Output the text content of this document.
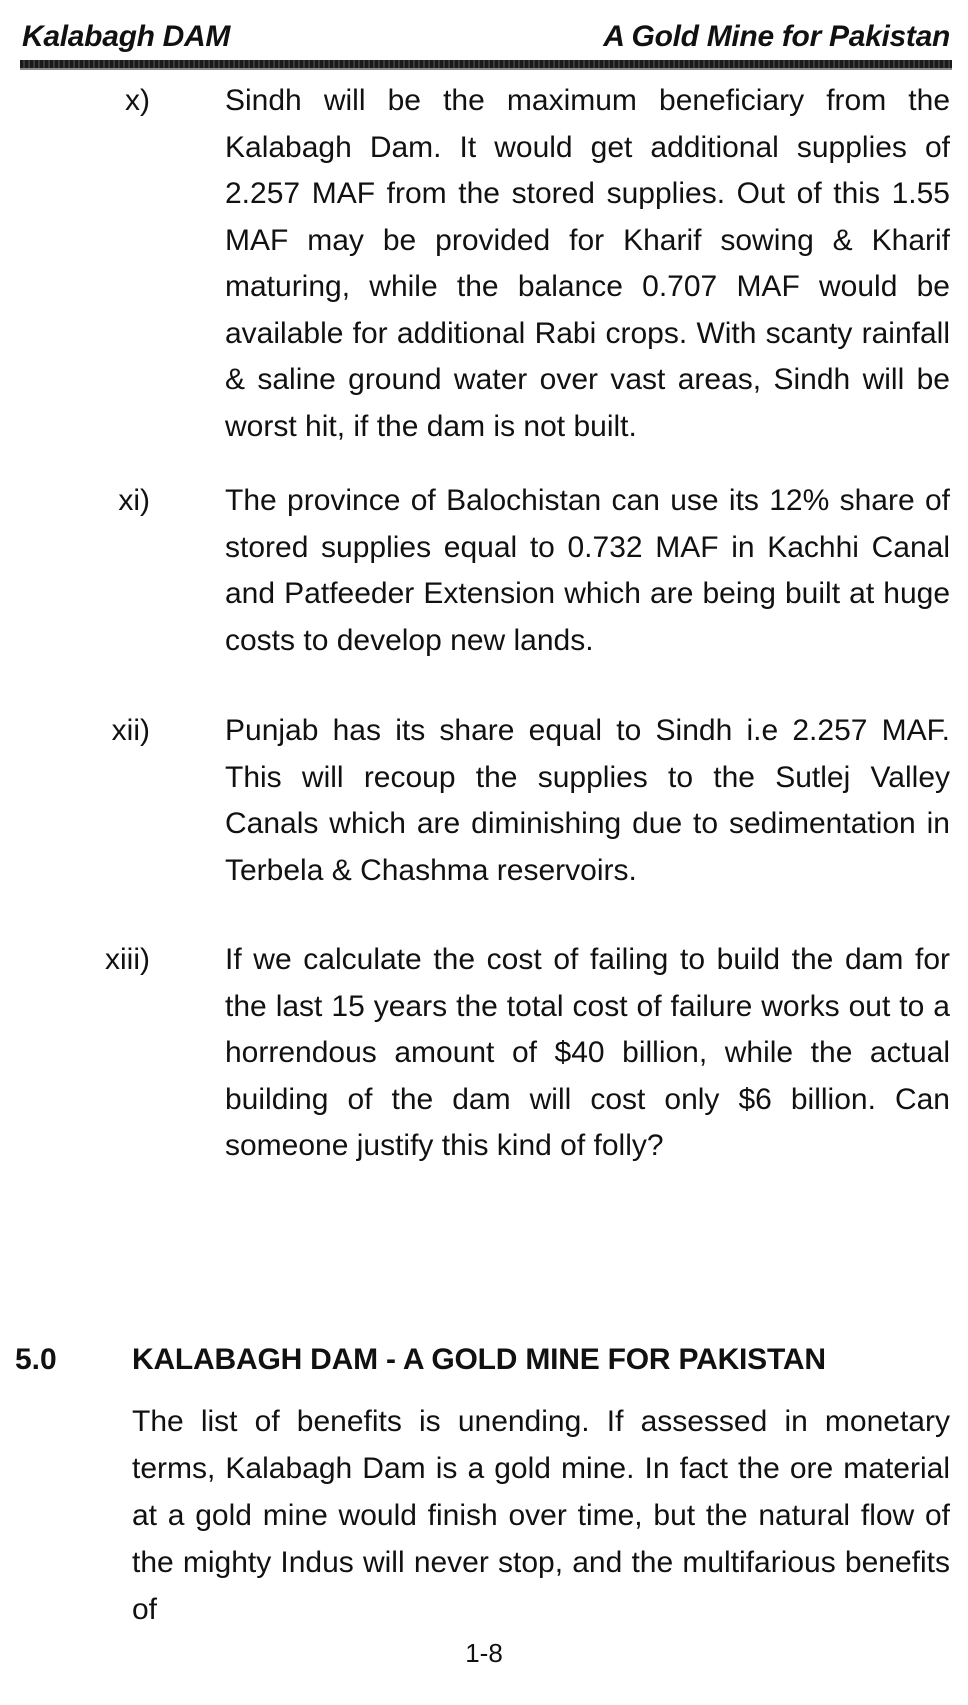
Kalabagh DAM	A Gold Mine for Pakistan
x)	Sindh will be the maximum beneficiary from the Kalabagh Dam. It would get additional supplies of 2.257 MAF from the stored supplies. Out of this 1.55 MAF may be provided for Kharif sowing & Kharif maturing, while the balance 0.707 MAF would be available for additional Rabi crops. With scanty rainfall & saline ground water over vast areas, Sindh will be worst hit, if the dam is not built.
xi)	The province of Balochistan can use its 12% share of stored supplies equal to 0.732 MAF in Kachhi Canal and Patfeeder Extension which are being built at huge costs to develop new lands.
xii)	Punjab has its share equal to Sindh i.e 2.257 MAF. This will recoup the supplies to the Sutlej Valley Canals which are diminishing due to sedimentation in Terbela & Chashma reservoirs.
xiii)	If we calculate the cost of failing to build the dam for the last 15 years the total cost of failure works out to a horrendous amount of $40 billion, while the actual building of the dam will cost only $6 billion. Can someone justify this kind of folly?
5.0	KALABAGH DAM - A GOLD MINE FOR PAKISTAN
The list of benefits is unending. If assessed in monetary terms, Kalabagh Dam is a gold mine. In fact the ore material at a gold mine would finish over time, but the natural flow of the mighty Indus will never stop, and the multifarious benefits of
1-8
